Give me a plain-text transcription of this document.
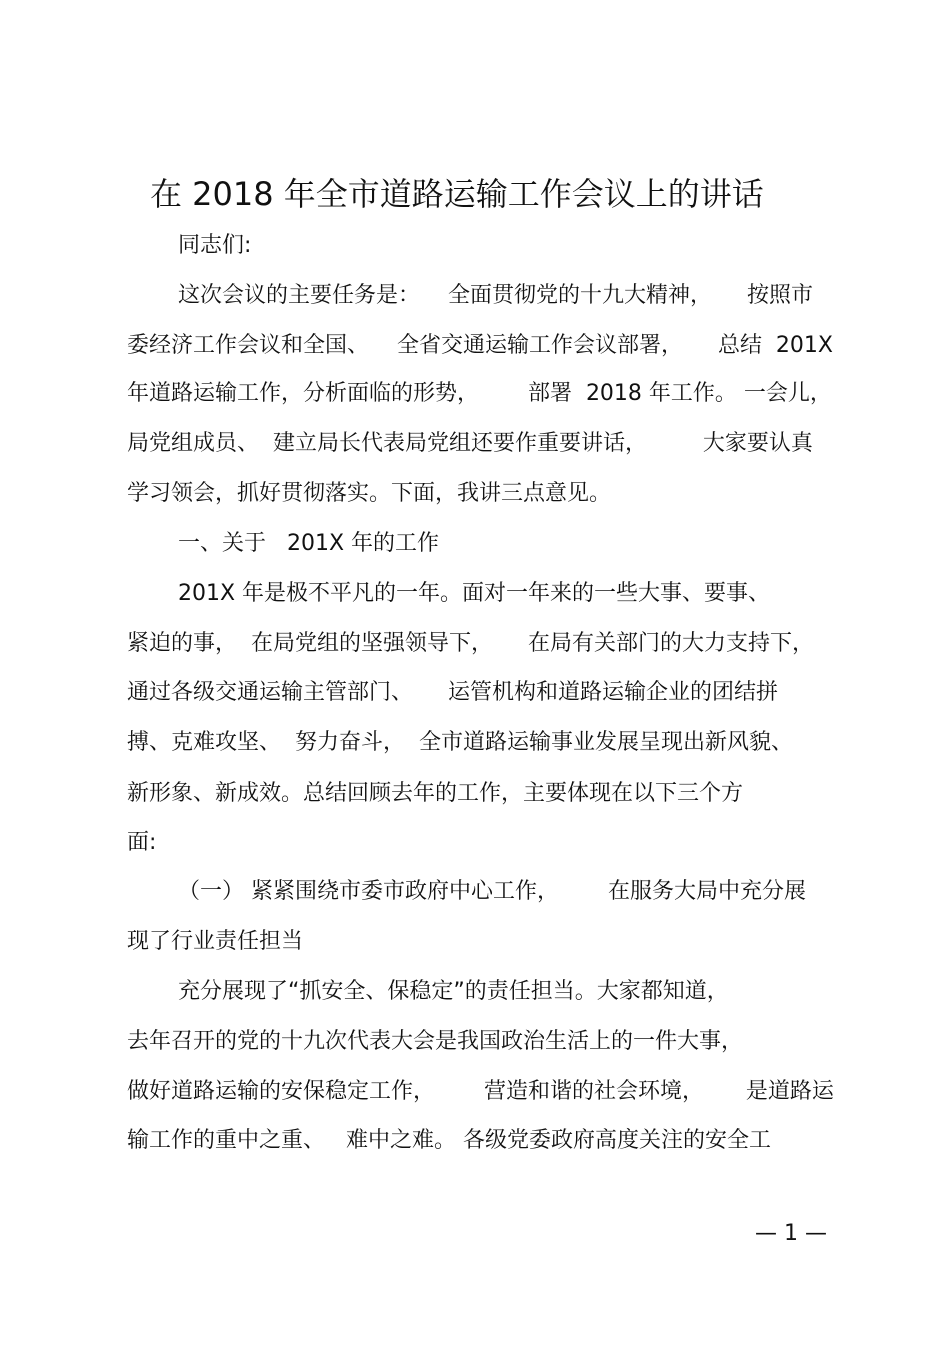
在 2018 年全市道路运输工作会议上的讲话
同志们:
这次会议的主要任务是：    全面贯彻党的十九大精神，     按照市
委经济工作会议和全国、    全省交通运输工作会议部署，     总结  201X
年道路运输工作，分析面临的形势，       部署  2018 年工作。 一会儿，
局党组成员、  建立局长代表局党组还要作重要讲话，        大家要认真
学习领会，抓好贯彻落实。下面，我讲三点意见。
一、关于   201X 年的工作
201X 年是极不平凡的一年。面对一年来的一些大事、要事、
紧迫的事，  在局党组的坚强领导下，     在局有关部门的大力支持下，
通过各级交通运输主管部门、     运管机构和道路运输企业的团结拼
搏、克难攻坚、  努力奋斗，  全市道路运输事业发展呈现出新风貌、
新形象、新成效。总结回顾去年的工作，主要体现在以下三个方
面:
（一） 紧紧围绕市委市政府中心工作，       在服务大局中充分展
现了行业责任担当
充分展现了“抓安全、保稳定”的责任担当。大家都知道，
去年召开的党的十九次代表大会是我国政治生活上的一件大事，
做好道路运输的安保稳定工作，       营造和谐的社会环境，      是道路运
输工作的重中之重、   难中之难。 各级党委政府高度关注的安全工
— 1 —
